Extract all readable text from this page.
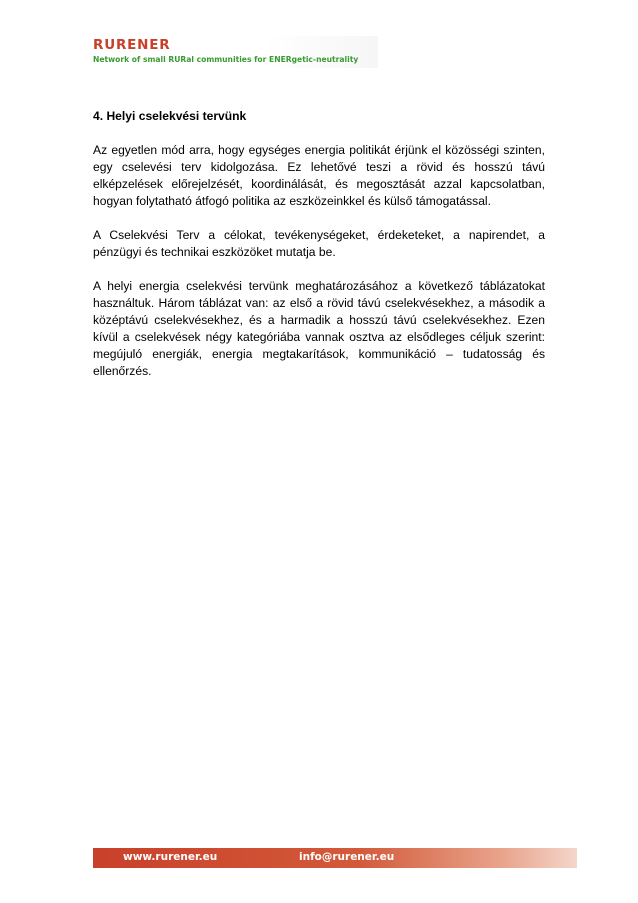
RURENER
Network of small RURal communities for ENERgetic-neutrality
4. Helyi cselekvési tervünk

Az egyetlen mód arra, hogy egységes energia politikát érjünk el közösségi szinten, egy cselevési terv kidolgozása. Ez lehetővé teszi a rövid és hosszú távú elképzelések előrejelzését, koordinálását, és megosztását azzal kapcsolatban, hogyan folytatható átfogó politika az eszközeinkkel és külső támogatással.

A Cselekvési Terv a célokat, tevékenységeket, érdeketeket, a napirendet, a pénzügyi és technikai eszközöket mutatja be.

A helyi energia cselekvési tervünk meghatározásához a következő táblázatokat használtuk. Három táblázat van: az első a rövid távú cselekvésekhez, a második a középtávú cselekvésekhez, és a harmadik a hosszú távú cselekvésekhez. Ezen kívül a cselekvések négy kategóriába vannak osztva az elsődleges céljuk szerint: megújuló energiák, energia megtakarítások, kommunikáció – tudatosság és ellenőrzés.

www.rurener.eu	info@rurener.eu
